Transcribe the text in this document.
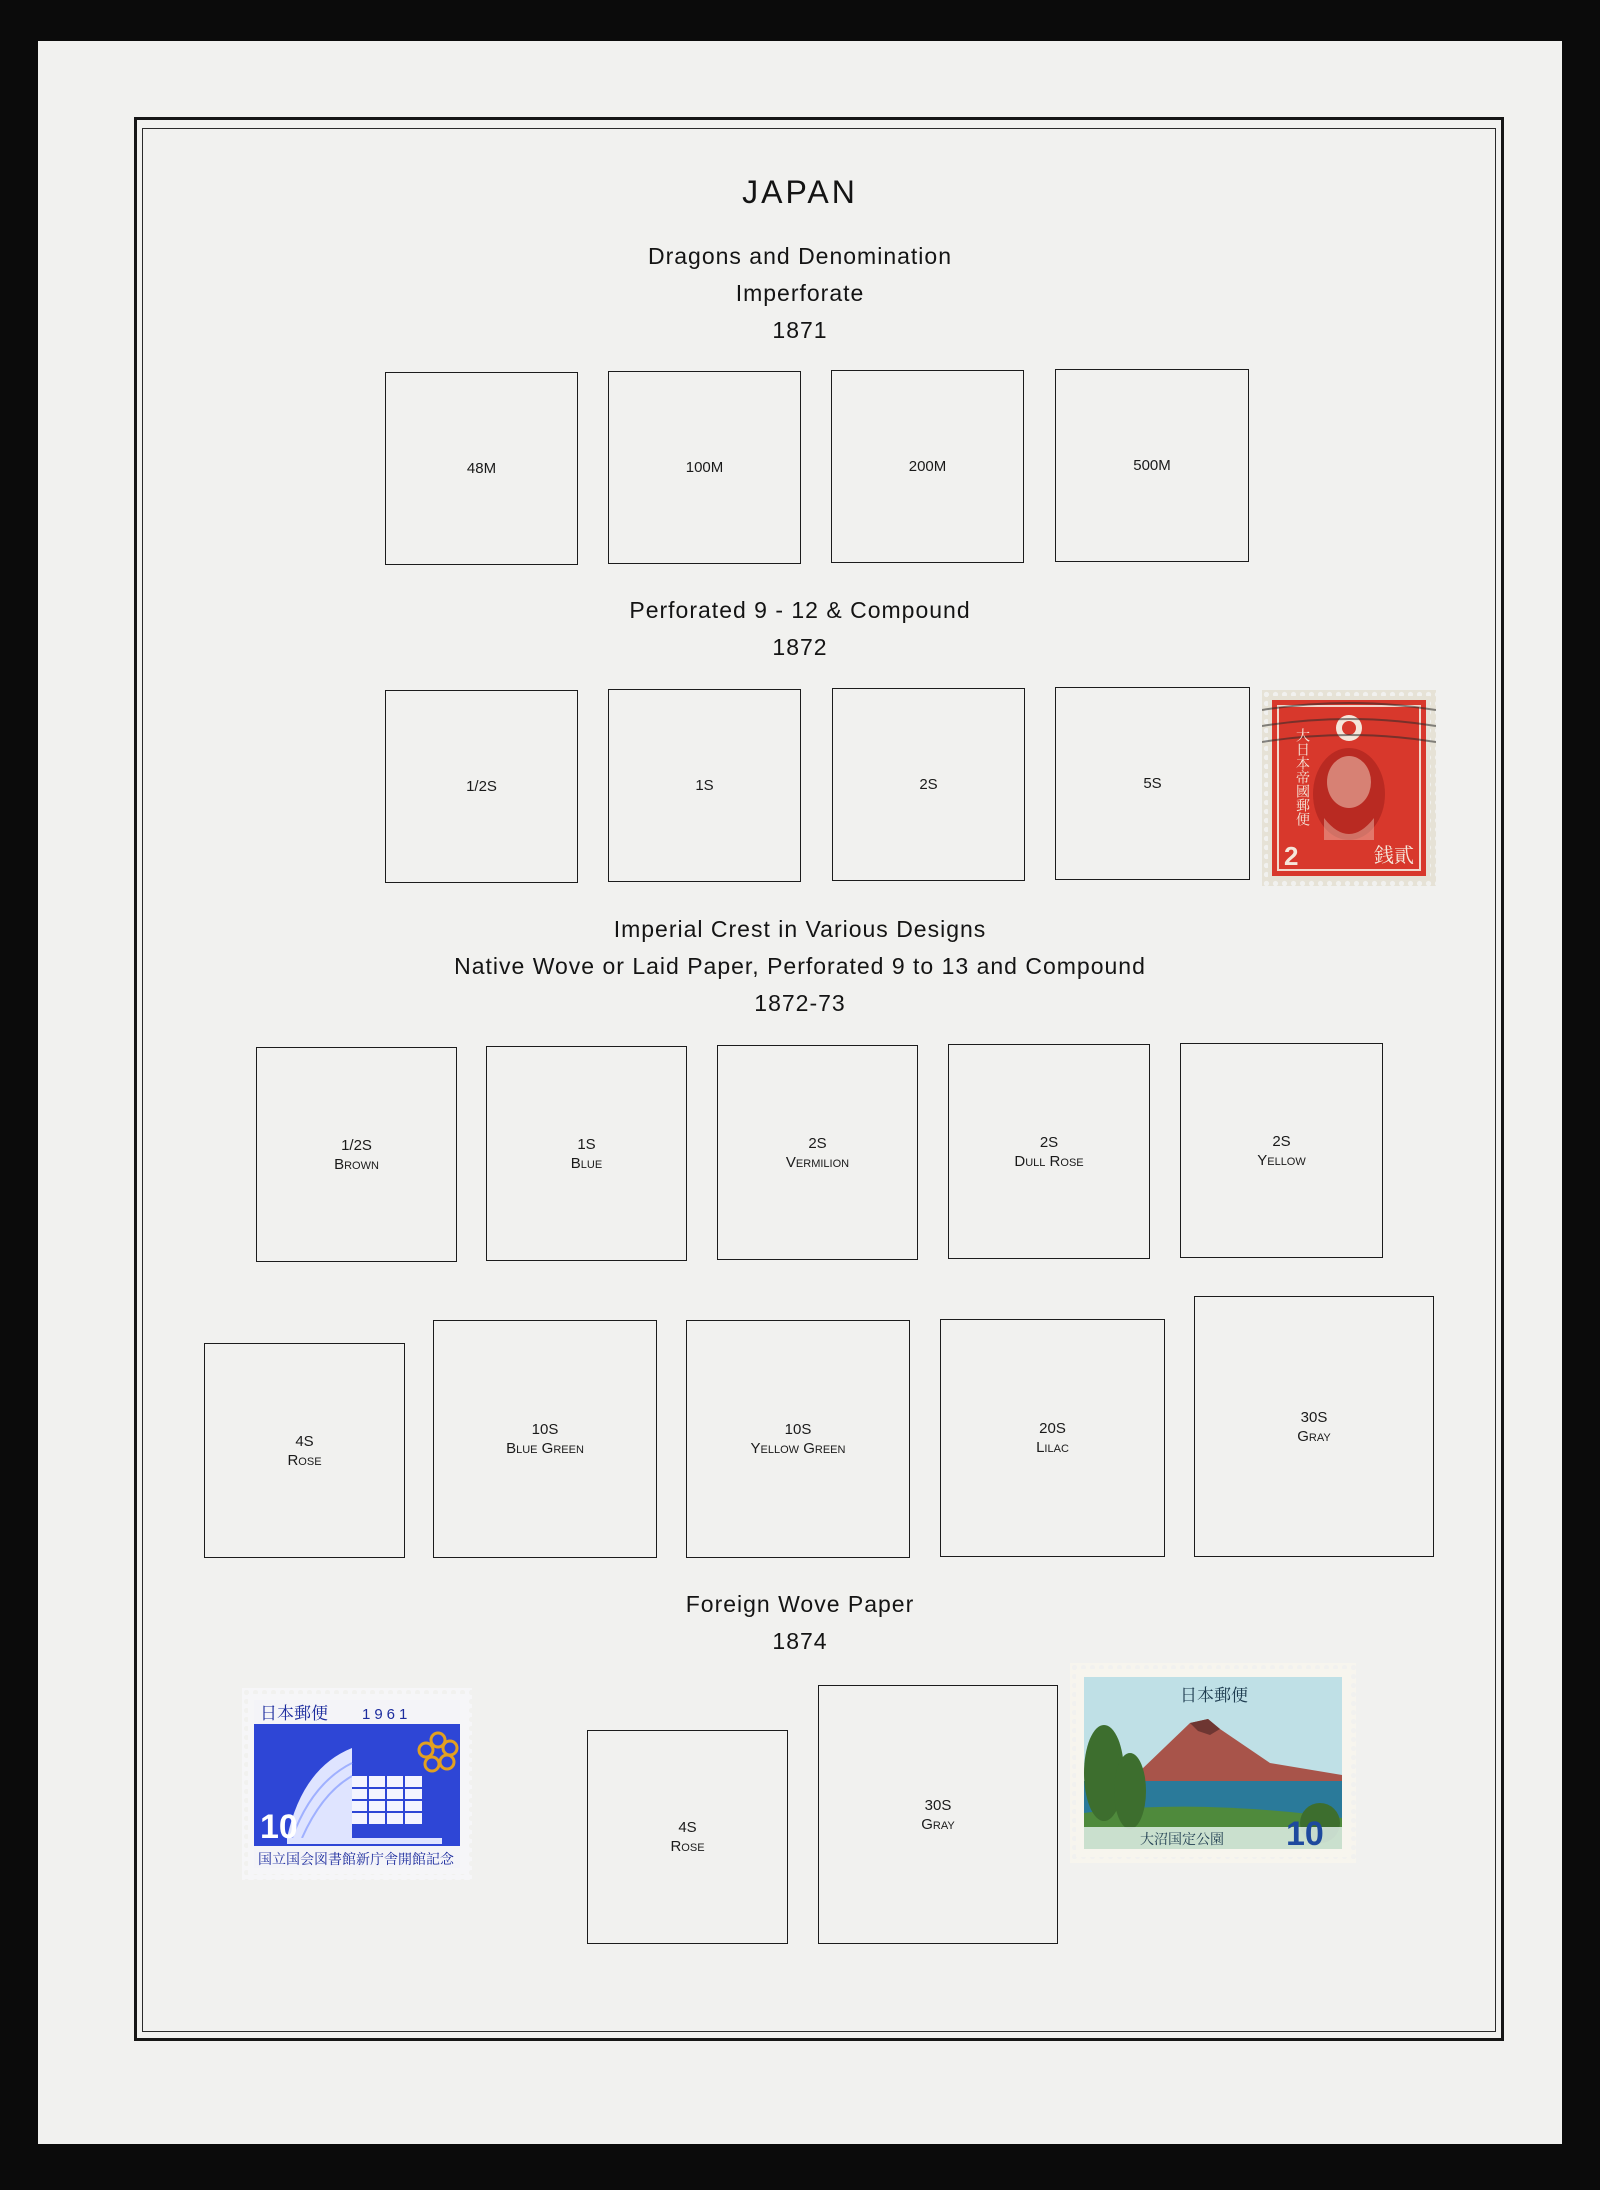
JAPAN
Dragons and Denomination
Imperforate
1871
48M	100M	200M	500M
Perforated 9 - 12 & Compound
1872
1/2S	1S	2S	5S	大日本帝國郵便
2	銭貳
Imperial Crest in Various Designs
Native Wove or Laid Paper, Perforated 9 to 13 and Compound
1872-73
1/2S
Brown
1S
Blue
2S
Vermilion
2S
Dull Rose
2S
Yellow
4S
Rose
10S
Blue Green
10S
Yellow Green
20S
Lilac
30S
Gray
Foreign Wove Paper
1874
日本郵便 1961
10
国立国会図書館新庁舎開館記念
4S
Rose
30S
Gray
日本郵便
大沼国定公園 10
